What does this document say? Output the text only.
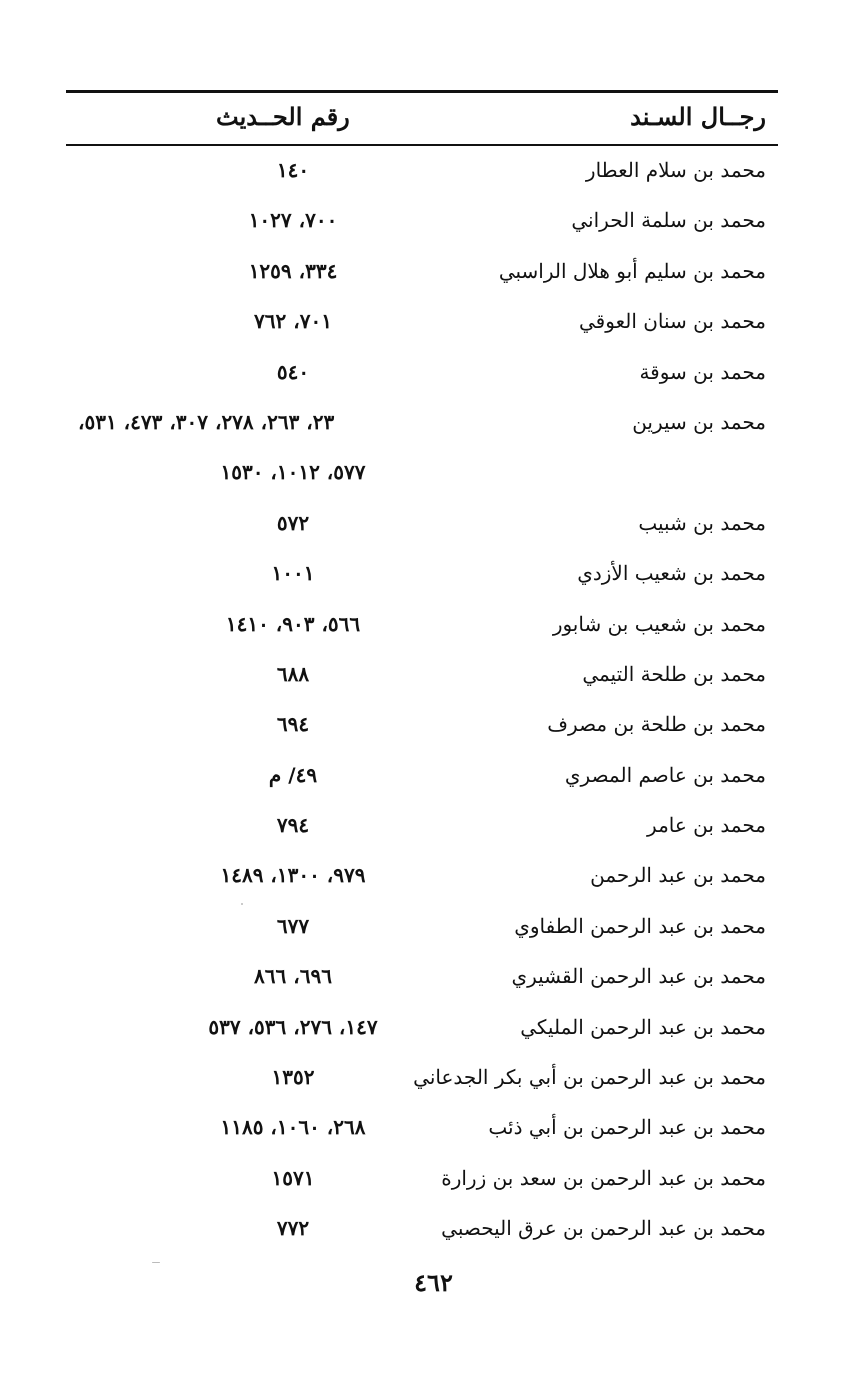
رجــال السـند
رقم الحــديث
محمد بن سلام العطار
١٤٠
محمد بن سلمة الحراني
٧٠٠، ١٠٢٧
محمد بن سليم أبو هلال الراسبي
٣٣٤، ١٢٥٩
محمد بن سنان العوقي
٧٠١، ٧٦٢
محمد بن سوقة
٥٤٠
محمد بن سيرين
٢٣، ٢٦٣، ٢٧٨، ٣٠٧، ٤٧٣، ٥٣١،
٥٧٧، ١٠١٢، ١٥٣٠
محمد بن شبيب
٥٧٢
محمد بن شعيب الأزدي
١٠٠١
محمد بن شعيب بن شابور
٥٦٦، ٩٠٣، ١٤١٠
محمد بن طلحة التيمي
٦٨٨
محمد بن طلحة بن مصرف
٦٩٤
محمد بن عاصم المصري
٤٩/ م
محمد بن عامر
٧٩٤
محمد بن عبد الرحمن
٩٧٩، ١٣٠٠، ١٤٨٩
محمد بن عبد الرحمن الطفاوي
٦٧٧
محمد بن عبد الرحمن القشيري
٦٩٦، ٨٦٦
محمد بن عبد الرحمن المليكي
١٤٧، ٢٧٦، ٥٣٦، ٥٣٧
محمد بن عبد الرحمن بن أبي بكر الجدعاني
١٣٥٢
محمد بن عبد الرحمن بن أبي ذئب
٢٦٨، ١٠٦٠، ١١٨٥
محمد بن عبد الرحمن بن سعد بن زرارة
١٥٧١
محمد بن عبد الرحمن بن عرق اليحصبي
٧٧٢
٤٦٢
